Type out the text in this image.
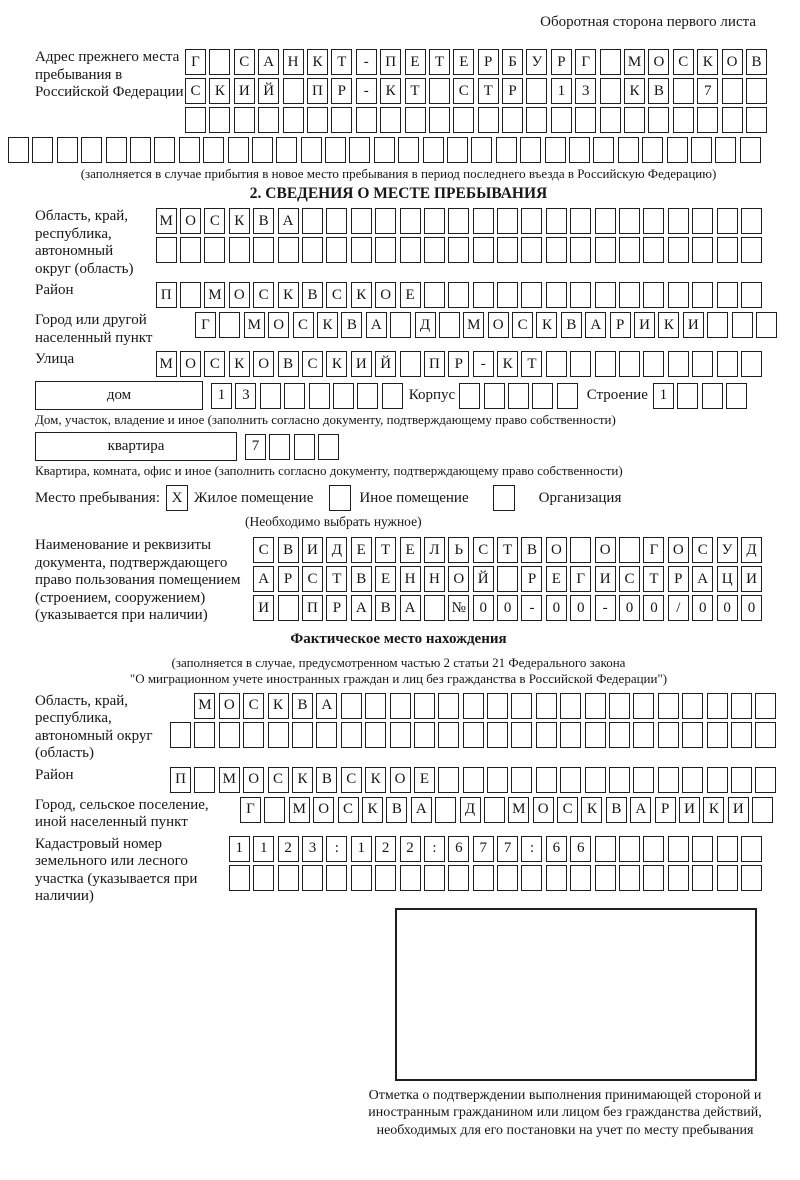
Оборотная сторона первого листа
Адрес прежнего места пребывания в Российской Федерации
Г	С А Н К Т	-	П Е	Т	Е	Р	Б У Р	Г	М О С К О В
С К И Й	П Р	-	К Т	С Т	Р	1	3	К В	7
(заполняется в случае прибытия в новое место пребывания в период последнего въезда в Российскую Федерацию)
2. СВЕДЕНИЯ О МЕСТЕ ПРЕБЫВАНИЯ
Область, край, республика, автономный округ (область)
М О С К В А
Район	П	М О С К В С К О Е
Город или другой населенный пункт
Г	М О С К В А	Д	М О С К В А Р И К И
Улица	М О С К О В С К И Й	П Р	-	К Т
дом	1	3	Корпус	Строение 1
Дом, участок, владение и иное (заполнить согласно документу, подтверждающему право собственности)
квартира	7
Квартира, комната, офис и иное (заполнить согласно документу, подтверждающему право собственности)
Место пребывания: X Жилое помещение	Иное помещение	Организация
(Необходимо выбрать нужное)
Наименование и реквизиты документа, подтверждающего право пользования помещением (строением, сооружением) (указывается при наличии)
С В И Д Е	Т	Е Л Ь	С Т В О	О	Г О С У Д
А Р	С Т В Е Н Н О Й	Р	Е	Г И С Т	Р А Ц И
И	П Р А В А	№ 0	0	-	0	0	-	0	0	/	0	0	0
Фактическое место нахождения
(заполняется в случае, предусмотренном частью 2 статьи 21 Федерального закона
"О миграционном учете иностранных граждан и лиц без гражданства в Российской Федерации")
Область, край, республика, автономный округ (область)
М О С К В А
Район	П	М О С К В С К О Е
Город, сельское поселение, иной населенный пункт
Г	М О С К В А	Д	М О С К В А Р И К И
Кадастровый номер земельного или лесного участка (указывается при наличии)
1	1	2	3	:	1	2	2	:	6	7	7	:	6	6
Отметка о подтверждении выполнения принимающей стороной и иностранным гражданином или лицом без гражданства действий, необходимых для его постановки на учет по месту пребывания
